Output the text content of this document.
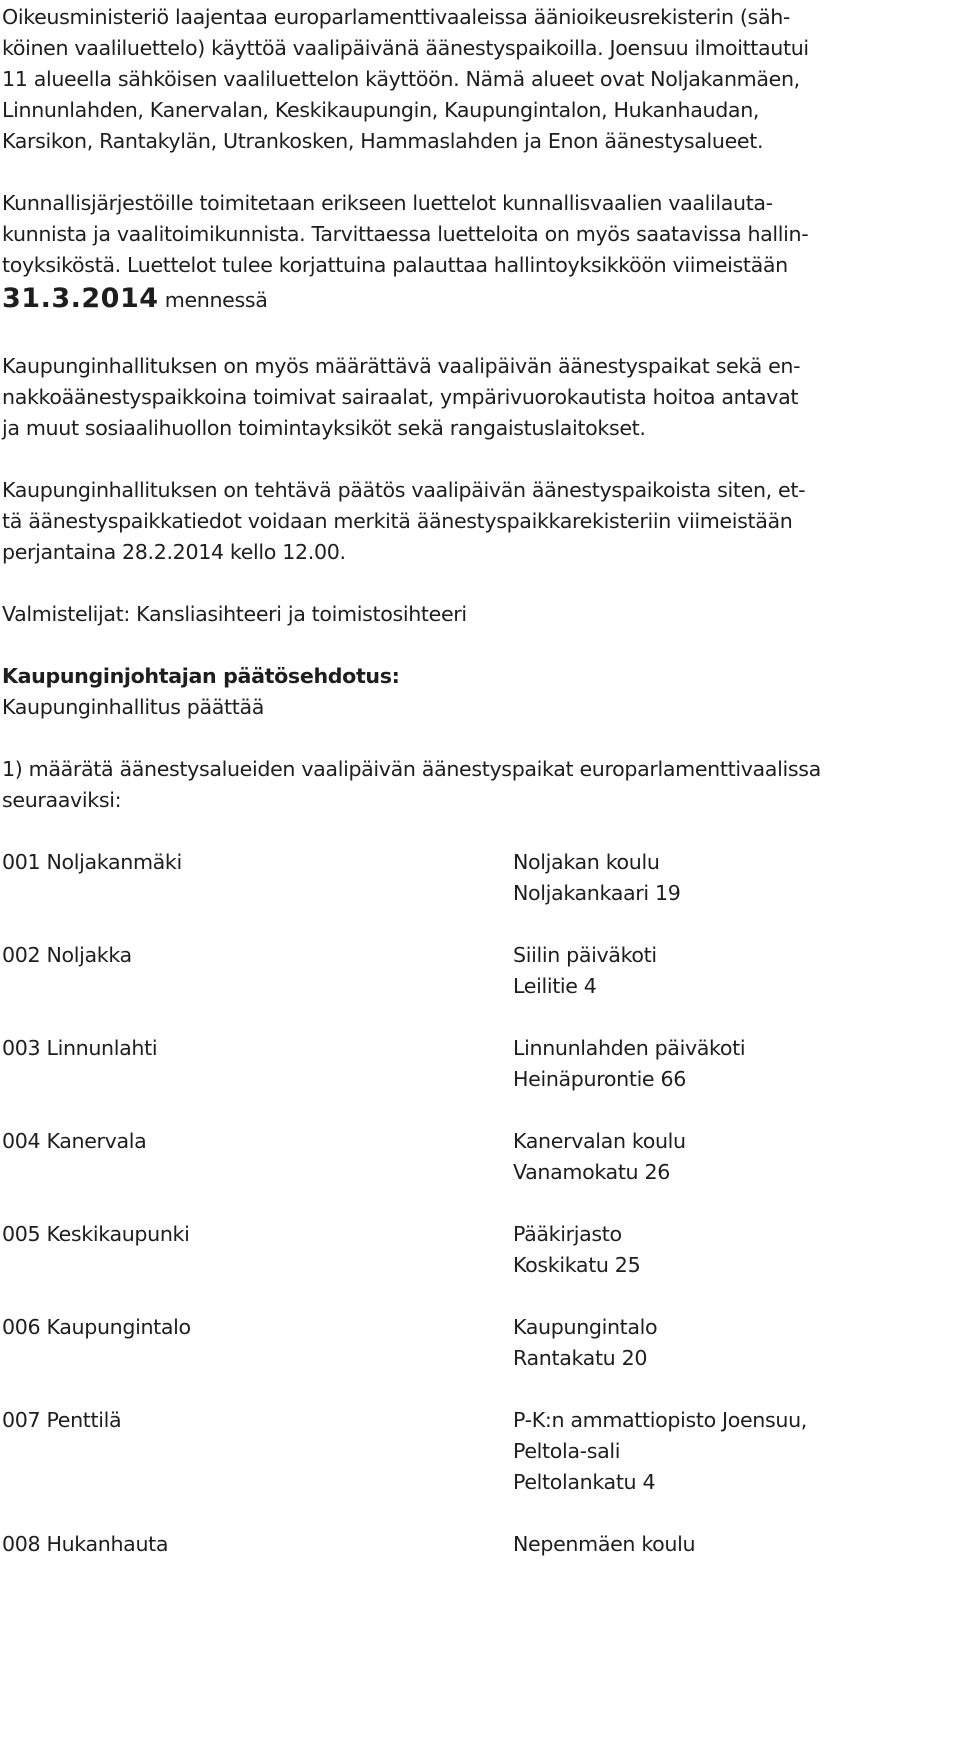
Oikeusministeriö laajentaa europarlamenttivaaleissa äänioikeusrekisterin (säh-
köinen vaaliluettelo) käyttöä vaalipäivänä äänestyspaikoilla. Joensuu ilmoittautui
11 alueella sähköisen vaaliluettelon käyttöön. Nämä alueet ovat Noljakanmäen,
Linnunlahden, Kanervalan, Keskikaupungin, Kaupungintalon, Hukanhaudan,
Karsikon, Rantakylän, Utrankosken, Hammaslahden ja Enon äänestysalueet.
Kunnallisjärjestöille toimitetaan erikseen luettelot kunnallisvaalien vaalilauta-
kunnista ja vaalitoimikunnista. Tarvittaessa luetteloita on myös saatavissa hallin-
toyksiköstä. Luettelot tulee korjattuina palauttaa hallintoyksikköön viimeistään
31.3.2014 mennessä
Kaupunginhallituksen on myös määrättävä vaalipäivän äänestyspaikat sekä en-
nakkoäänestyspaikkoina toimivat sairaalat, ympärivuorokautista hoitoa antavat
ja muut sosiaalihuollon toimintayksiköt sekä rangaistuslaitokset.
Kaupunginhallituksen on tehtävä päätös vaalipäivän äänestyspaikoista siten, et-
tä äänestyspaikkatiedot voidaan merkitä äänestyspaikkarekisteriin viimeistään
perjantaina 28.2.2014 kello 12.00.
Valmistelijat: Kansliasihteeri ja toimistosihteeri
Kaupunginjohtajan päätösehdotus:
Kaupunginhallitus päättää
1) määrätä äänestysalueiden vaalipäivän äänestyspaikat europarlamenttivaalissa
seuraaviksi:
001 Noljakanmäki	Noljakan koulu
Noljakankaari 19
002 Noljakka	Siilin päiväkoti
Leilitie 4
003 Linnunlahti	Linnunlahden päiväkoti
Heinäpurontie 66
004 Kanervala	Kanervalan koulu
Vanamokatu 26
005 Keskikaupunki	Pääkirjasto
Koskikatu 25
006 Kaupungintalo	Kaupungintalo
Rantakatu 20
007 Penttilä	P-K:n ammattiopisto Joensuu,
Peltola-sali
Peltolankatu 4
008 Hukanhauta	Nepenmäen koulu
